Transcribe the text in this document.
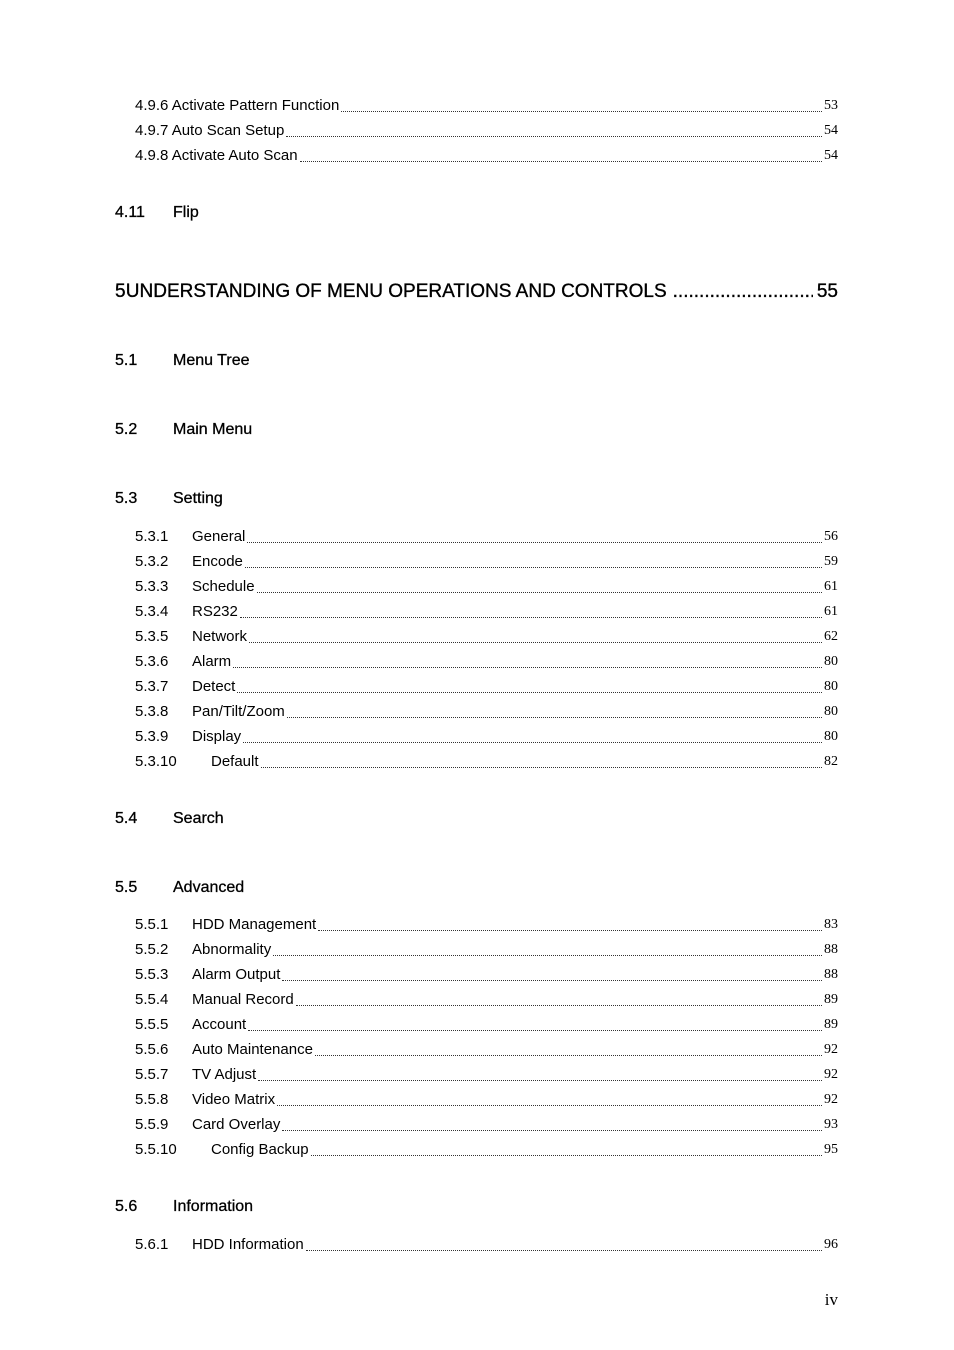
4.9.6 Activate Pattern Function	53
4.9.7 Auto Scan Setup	54
4.9.8 Activate Auto Scan	54
4.11	Flip
5 UNDERSTANDING OF MENU OPERATIONS AND CONTROLS .....	55
5.1	Menu Tree
5.2	Main Menu
5.3	Setting
5.3.1	General	56
5.3.2	Encode	59
5.3.3	Schedule	61
5.3.4	RS232	61
5.3.5	Network	62
5.3.6	Alarm	80
5.3.7	Detect	80
5.3.8	Pan/Tilt/Zoom	80
5.3.9	Display	80
5.3.10	Default	82
5.4	Search
5.5	Advanced
5.5.1	HDD Management	83
5.5.2	Abnormality	88
5.5.3	Alarm Output	88
5.5.4	Manual Record	89
5.5.5	Account	89
5.5.6	Auto Maintenance	92
5.5.7	TV Adjust	92
5.5.8	Video Matrix	92
5.5.9	Card Overlay	93
5.5.10	Config Backup	95
5.6	Information
5.6.1	HDD Information	96
iv
